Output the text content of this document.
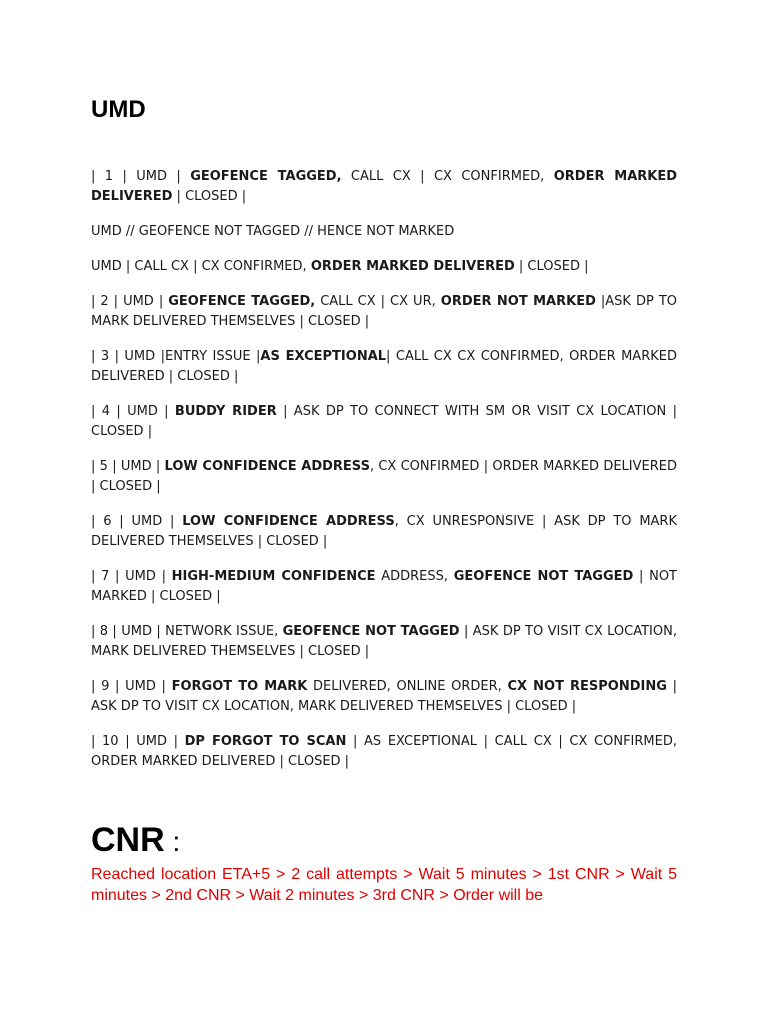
UMD

| 1 | UMD | GEOFENCE TAGGED, CALL CX | CX CONFIRMED, ORDER MARKED DELIVERED | CLOSED |

UMD // GEOFENCE NOT TAGGED // HENCE NOT MARKED

UMD | CALL CX | CX CONFIRMED, ORDER MARKED DELIVERED | CLOSED |

| 2 | UMD | GEOFENCE TAGGED, CALL CX | CX UR, ORDER NOT MARKED |ASK DP TO MARK DELIVERED THEMSELVES | CLOSED |

| 3 | UMD |ENTRY ISSUE |AS EXCEPTIONAL| CALL CX CX CONFIRMED, ORDER MARKED DELIVERED | CLOSED |

| 4 | UMD | BUDDY RIDER | ASK DP TO CONNECT WITH SM OR VISIT CX LOCATION | CLOSED |

| 5 | UMD | LOW CONFIDENCE ADDRESS, CX CONFIRMED | ORDER MARKED DELIVERED | CLOSED |

| 6 | UMD | LOW CONFIDENCE ADDRESS, CX UNRESPONSIVE | ASK DP TO MARK DELIVERED THEMSELVES | CLOSED |

| 7 | UMD | HIGH-MEDIUM CONFIDENCE ADDRESS, GEOFENCE NOT TAGGED | NOT MARKED | CLOSED |

| 8 | UMD | NETWORK ISSUE, GEOFENCE NOT TAGGED | ASK DP TO VISIT CX LOCATION, MARK DELIVERED THEMSELVES | CLOSED |

| 9 | UMD | FORGOT TO MARK DELIVERED, ONLINE ORDER, CX NOT RESPONDING | ASK DP TO VISIT CX LOCATION, MARK DELIVERED THEMSELVES | CLOSED |

| 10 | UMD | DP FORGOT TO SCAN | AS EXCEPTIONAL | CALL CX | CX CONFIRMED, ORDER MARKED DELIVERED | CLOSED |

CNR :

Reached location ETA+5 > 2 call attempts > Wait 5 minutes > 1st CNR > Wait 5 minutes > 2nd CNR > Wait 2 minutes > 3rd CNR > Order will be
